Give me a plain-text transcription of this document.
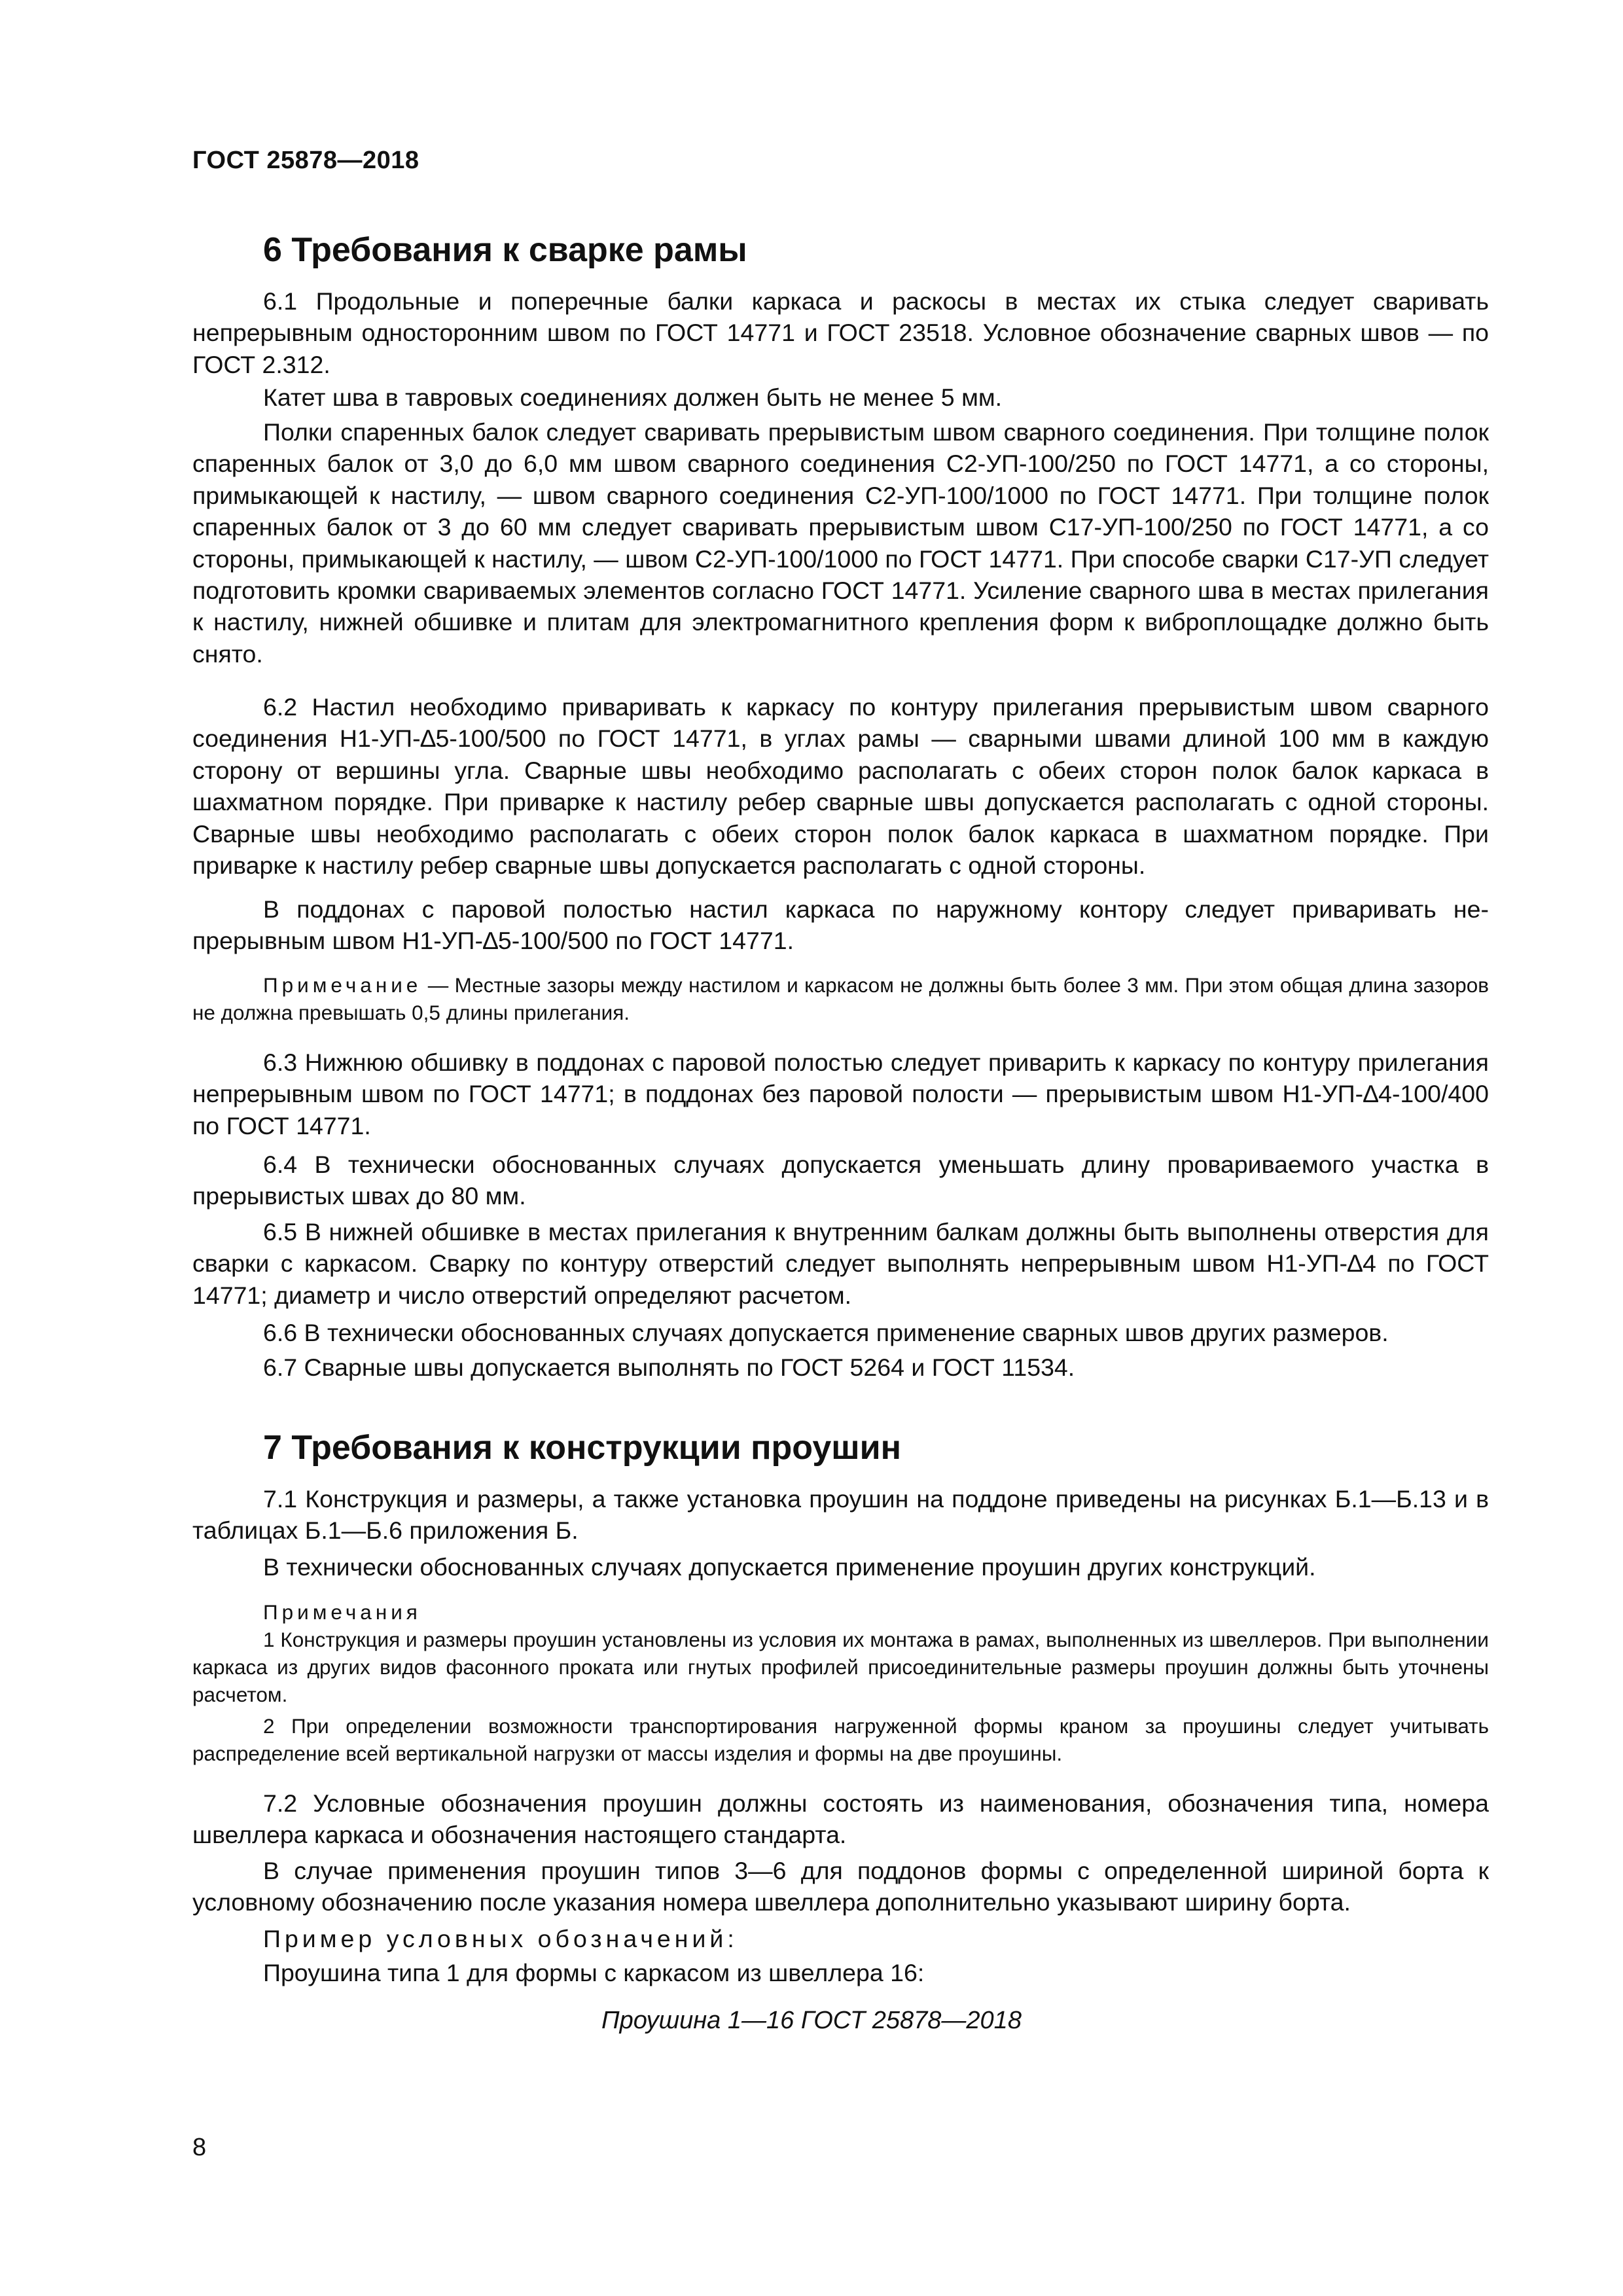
ГОСТ 25878—2018
6 Требования к сварке рамы
6.1 Продольные и поперечные балки каркаса и раскосы в местах их стыка следует сваривать непрерывным односторонним швом по ГОСТ 14771 и ГОСТ 23518. Условное обозначение сварных швов — по ГОСТ 2.312.
Катет шва в тавровых соединениях должен быть не менее 5 мм.
Полки спаренных балок следует сваривать прерывистым швом сварного соединения. При толщине полок спаренных балок от 3,0 до 6,0 мм швом сварного соединения С2-УП-100/250 по ГОСТ 14771, а со стороны, примыкающей к настилу, — швом сварного соединения С2-УП-100/1000 по ГОСТ 14771. При толщине полок спаренных балок от 3 до 60 мм следует сваривать прерывистым швом С17-УП-100/250 по ГОСТ 14771, а со стороны, примыкающей к настилу, — швом С2-УП-100/1000 по ГОСТ 14771. При способе сварки С17-УП следует подготовить кромки свариваемых элементов согласно ГОСТ 14771. Усиление сварного шва в местах прилегания к настилу, нижней обшивке и плитам для электромагнитного крепления форм к виброплощадке должно быть снято.
6.2 Настил необходимо приваривать к каркасу по контуру прилегания прерывистым швом сварного соединения Н1-УП-∆5-100/500 по ГОСТ 14771, в углах рамы — сварными швами длиной 100 мм в каждую сторону от вершины угла. Сварные швы необходимо располагать с обеих сторон полок балок каркаса в шахматном порядке. При приварке к настилу ребер сварные швы допускается располагать с одной стороны. Сварные швы необходимо располагать с обеих сторон полок балок каркаса в шахматном порядке. При приварке к настилу ребер сварные швы допускается располагать с одной стороны.
В поддонах с паровой полостью настил каркаса по наружному контору следует приваривать непрерывным швом Н1-УП-∆5-100/500 по ГОСТ 14771.
Примечание — Местные зазоры между настилом и каркасом не должны быть более 3 мм. При этом общая длина зазоров не должна превышать 0,5 длины прилегания.
6.3 Нижнюю обшивку в поддонах с паровой полостью следует приварить к каркасу по контуру прилегания непрерывным швом по ГОСТ 14771; в поддонах без паровой полости — прерывистым швом Н1-УП-∆4-100/400 по ГОСТ 14771.
6.4 В технически обоснованных случаях допускается уменьшать длину провариваемого участка в прерывистых швах до 80 мм.
6.5 В нижней обшивке в местах прилегания к внутренним балкам должны быть выполнены отверстия для сварки с каркасом. Сварку по контуру отверстий следует выполнять непрерывным швом Н1-УП-∆4 по ГОСТ 14771; диаметр и число отверстий определяют расчетом.
6.6 В технически обоснованных случаях допускается применение сварных швов других размеров.
6.7 Сварные швы допускается выполнять по ГОСТ 5264 и ГОСТ 11534.
7 Требования к конструкции проушин
7.1 Конструкция и размеры, а также установка проушин на поддоне приведены на рисунках Б.1—Б.13 и в таблицах Б.1—Б.6 приложения Б.
В технически обоснованных случаях допускается применение проушин других конструкций.
Примечания
1 Конструкция и размеры проушин установлены из условия их монтажа в рамах, выполненных из швеллеров. При выполнении каркаса из других видов фасонного проката или гнутых профилей присоединительные размеры проушин должны быть уточнены расчетом.
2 При определении возможности транспортирования нагруженной формы краном за проушины следует учитывать распределение всей вертикальной нагрузки от массы изделия и формы на две проушины.
7.2 Условные обозначения проушин должны состоять из наименования, обозначения типа, номера швеллера каркаса и обозначения настоящего стандарта.
В случае применения проушин типов 3—6 для поддонов формы с определенной шириной борта к условному обозначению после указания номера швеллера дополнительно указывают ширину борта.
Пример условных обозначений:
Проушина типа 1 для формы с каркасом из швеллера 16:
Проушина 1—16 ГОСТ 25878—2018
8
